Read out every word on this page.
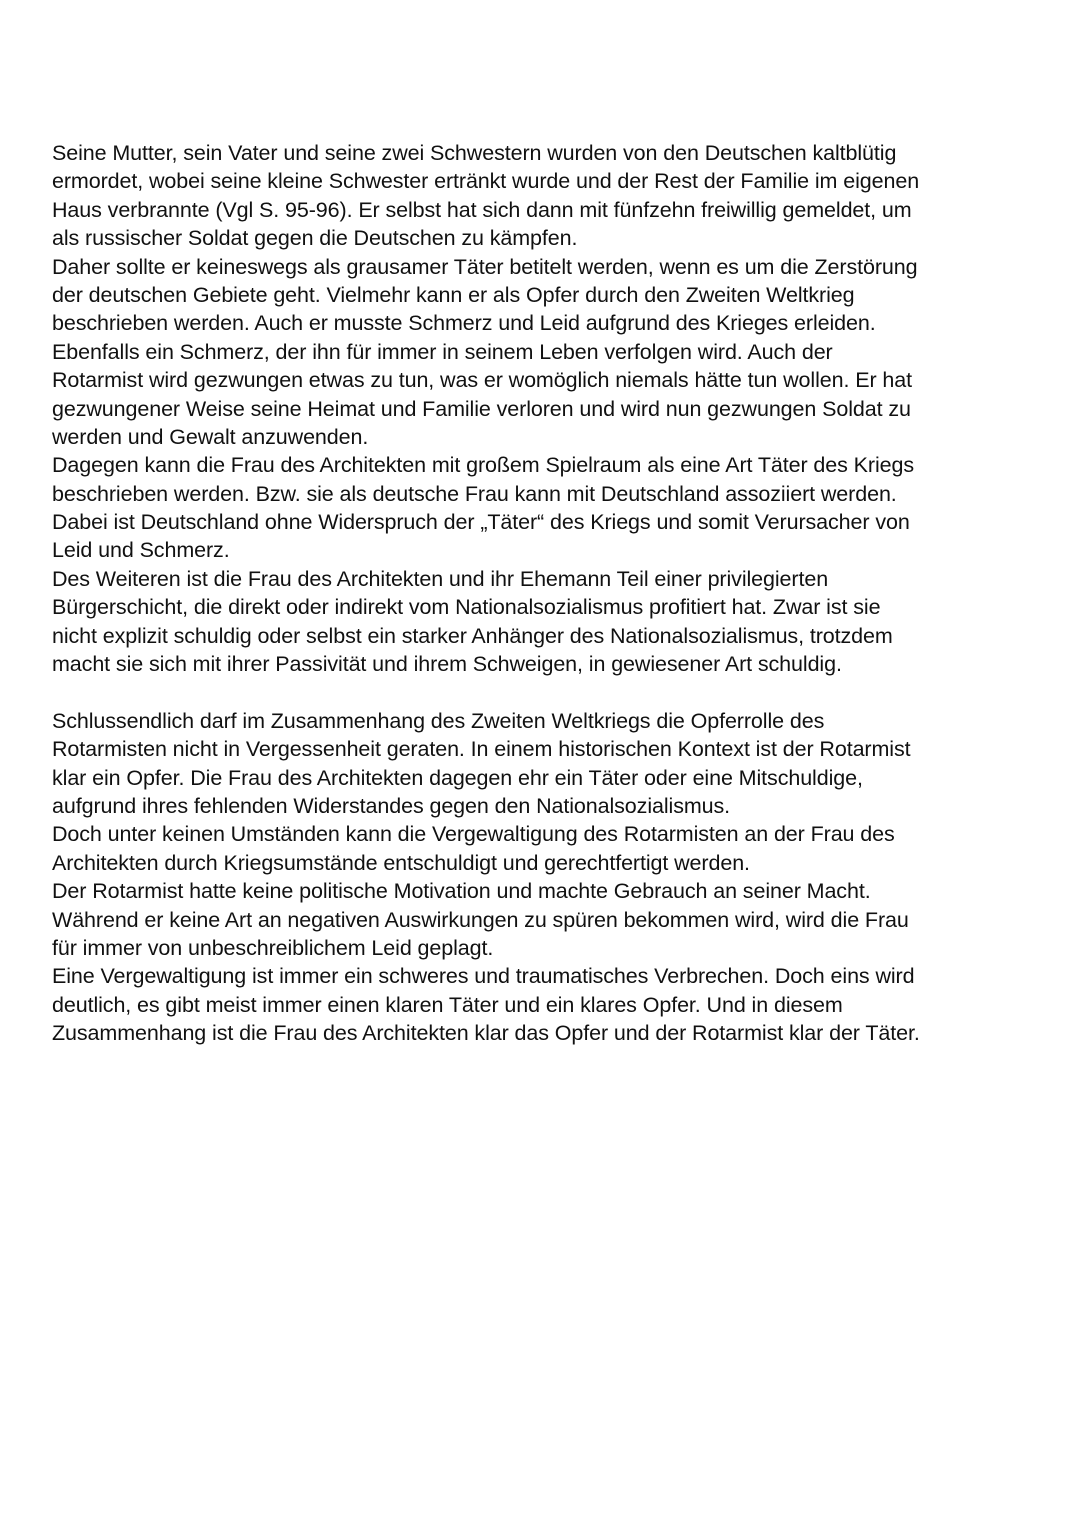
Seine Mutter, sein Vater und seine zwei Schwestern wurden von den Deutschen kaltblütig
ermordet, wobei seine kleine Schwester ertränkt wurde und der Rest der Familie im eigenen
Haus verbrannte (Vgl S. 95-96). Er selbst hat sich dann mit fünfzehn freiwillig gemeldet, um
als russischer Soldat gegen die Deutschen zu kämpfen.
Daher sollte er keineswegs als grausamer Täter betitelt werden, wenn es um die Zerstörung
der deutschen Gebiete geht. Vielmehr kann er als Opfer durch den Zweiten Weltkrieg
beschrieben werden. Auch er musste Schmerz und Leid aufgrund des Krieges erleiden.
Ebenfalls ein Schmerz, der ihn für immer in seinem Leben verfolgen wird. Auch der
Rotarmist wird gezwungen etwas zu tun, was er womöglich niemals hätte tun wollen. Er hat
gezwungener Weise seine Heimat und Familie verloren und wird nun gezwungen Soldat zu
werden und Gewalt anzuwenden.
Dagegen kann die Frau des Architekten mit großem Spielraum als eine Art Täter des Kriegs
beschrieben werden. Bzw. sie als deutsche Frau kann mit Deutschland assoziiert werden.
Dabei ist Deutschland ohne Widerspruch der „Täter“ des Kriegs und somit Verursacher von
Leid und Schmerz.
Des Weiteren ist die Frau des Architekten und ihr Ehemann Teil einer privilegierten
Bürgerschicht, die direkt oder indirekt vom Nationalsozialismus profitiert hat. Zwar ist sie
nicht explizit schuldig oder selbst ein starker Anhänger des Nationalsozialismus, trotzdem
macht sie sich mit ihrer Passivität und ihrem Schweigen, in gewiesener Art schuldig.
Schlussendlich darf im Zusammenhang des Zweiten Weltkriegs die Opferrolle des
Rotarmisten nicht in Vergessenheit geraten. In einem historischen Kontext ist der Rotarmist
klar ein Opfer. Die Frau des Architekten dagegen ehr ein Täter oder eine Mitschuldige,
aufgrund ihres fehlenden Widerstandes gegen den Nationalsozialismus.
Doch unter keinen Umständen kann die Vergewaltigung des Rotarmisten an der Frau des
Architekten durch Kriegsumstände entschuldigt und gerechtfertigt werden.
Der Rotarmist hatte keine politische Motivation und machte Gebrauch an seiner Macht.
Während er keine Art an negativen Auswirkungen zu spüren bekommen wird, wird die Frau
für immer von unbeschreiblichem Leid geplagt.
Eine Vergewaltigung ist immer ein schweres und traumatisches Verbrechen. Doch eins wird
deutlich, es gibt meist immer einen klaren Täter und ein klares Opfer. Und in diesem
Zusammenhang ist die Frau des Architekten klar das Opfer und der Rotarmist klar der Täter.
